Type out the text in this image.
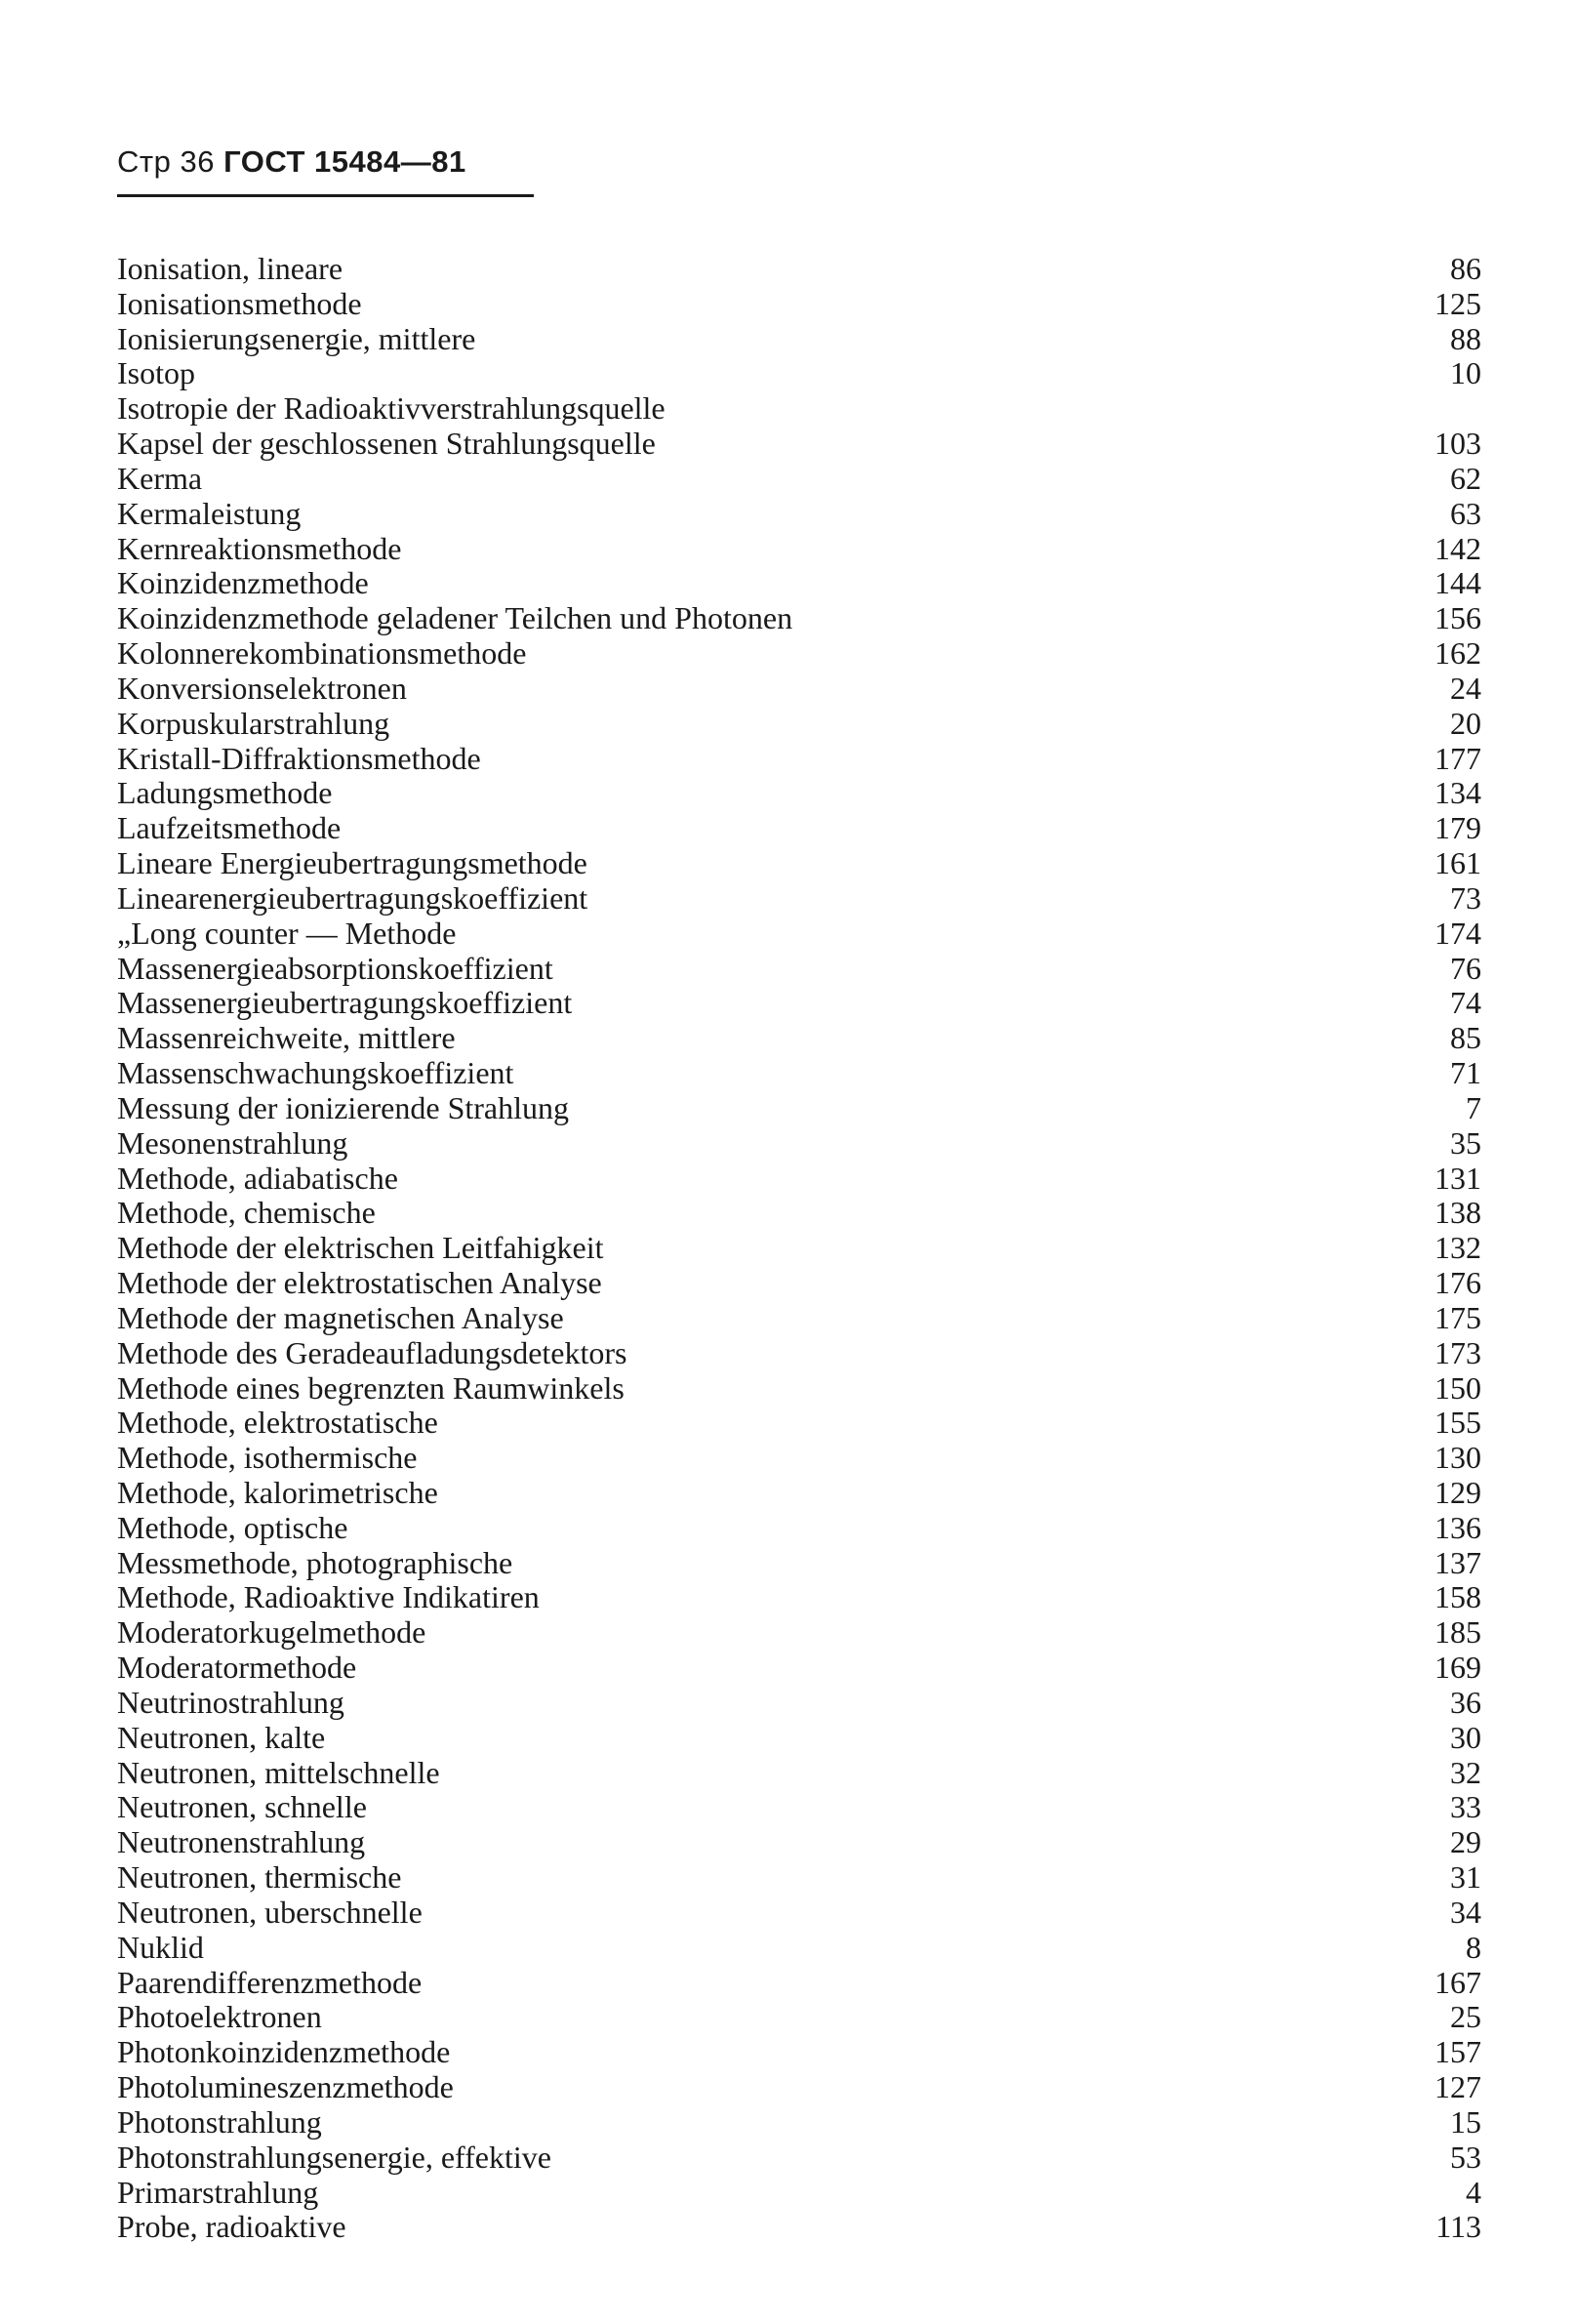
Стр 36 ГОСТ 15484—81
Ionisation, lineare	86
Ionisationsmethode	125
Ionisierungsenergie, mittlere	88
Isotop	10
Isotropie der Radioaktivverstrahlungsquelle
Kapsel der geschlossenen Strahlungsquelle	103
Kerma	62
Kermaleistung	63
Kernreaktionsmethode	142
Koinzidenzmethode	144
Koinzidenzmethode geladener Teilchen und Photonen	156
Kolonnerekombinationsmethode	162
Konversionselektronen	24
Korpuskularstrahlung	20
Kristall-Diffraktionsmethode	177
Ladungsmethode	134
Laufzeitsmethode	179
Lineare Energieubertragungsmethode	161
Linearenergieubertragungskoeffizient	73
„Long counter — Methode	174
Massenergieabsorptionskoeffizient	76
Massenergieubertragungskoeffizient	74
Massenreichweite, mittlere	85
Massenschwachungskoeffizient	71
Messung der ionizierende Strahlung	7
Mesonenstrahlung	35
Methode, adiabatische	131
Methode, chemische	138
Methode der elektrischen Leitfahigkeit	132
Methode der elektrostatischen Analyse	176
Methode der magnetischen Analyse	175
Methode des Geradeaufladungsdetektors	173
Methode eines begrenzten Raumwinkels	150
Methode, elektrostatische	155
Methode, isothermische	130
Methode, kalorimetrische	129
Methode, optische	136
Messmethode, photographische	137
Methode, Radioaktive Indikatiren	158
Moderatorkugelmethode	185
Moderatormethode	169
Neutrinostrahlung	36
Neutronen, kalte	30
Neutronen, mittelschnelle	32
Neutronen, schnelle	33
Neutronenstrahlung	29
Neutronen, thermische	31
Neutronen, uberschnelle	34
Nuklid	8
Paarendifferenzmethode	167
Photoelektronen	25
Photonkoinzidenzmethode	157
Photolumineszenzmethode	127
Photonstrahlung	15
Photonstrahlungsenergie, effektive	53
Primarstrahlung	4
Probe, radioaktive	113
